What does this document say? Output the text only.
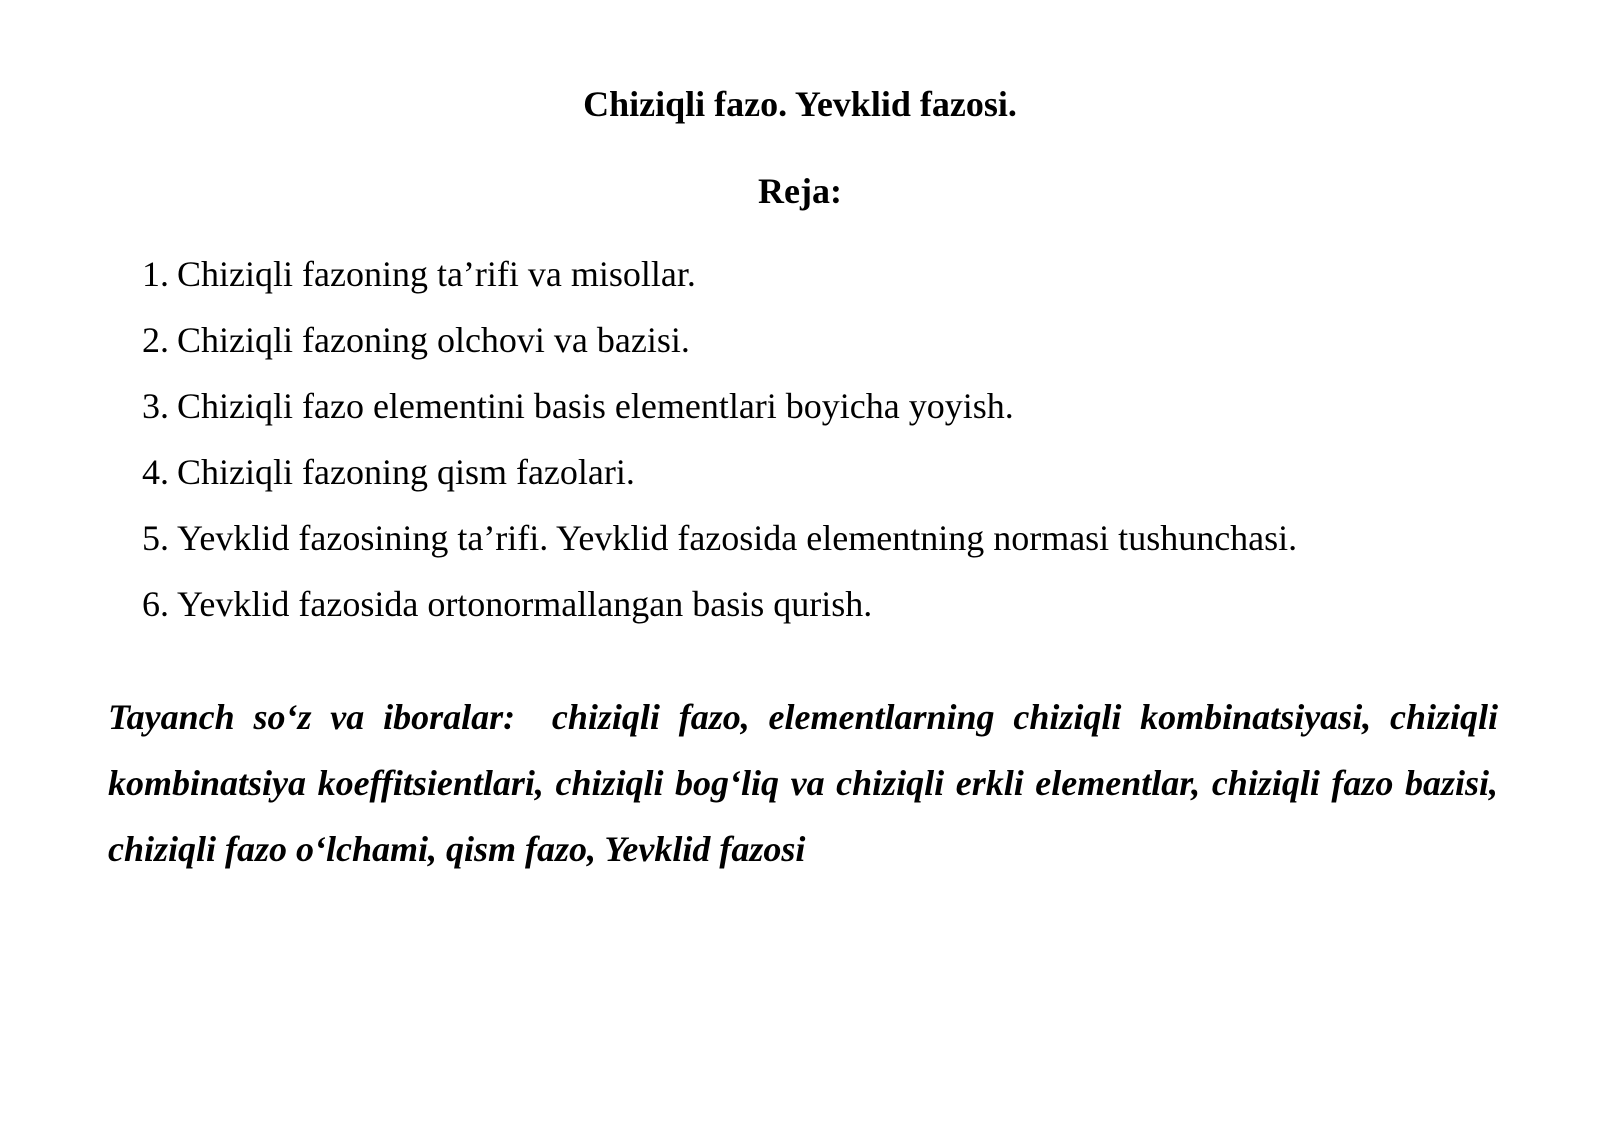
Chiziqli fazo. Yevklid fazosi.
Reja:
1. Chiziqli fazoning ta’rifi va misollar.
2. Chiziqli fazoning olchovi va bazisi.
3. Chiziqli fazo elementini basis elementlari boyicha yoyish.
4. Chiziqli fazoning qism fazolari.
5. Yevklid fazosining ta’rifi. Yevklid fazosida elementning normasi tushunchasi.
6. Yevklid fazosida ortonormallangan basis qurish.

Tayanch so‘z va iboralar: chiziqli fazo, elementlarning chiziqli kombinatsiyasi, chiziqli kombinatsiya koeffitsientlari, chiziqli bog‘liq va chiziqli erkli elementlar, chiziqli fazo bazisi, chiziqli fazo o‘lchami, qism fazo, Yevklid fazosi
